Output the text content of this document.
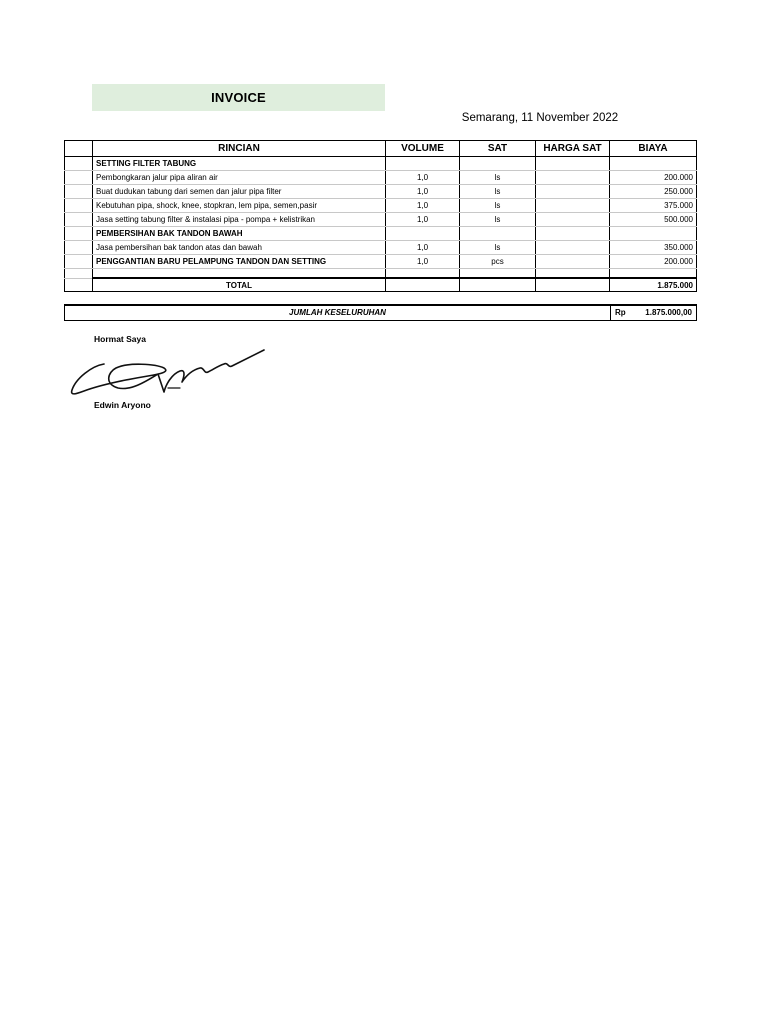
INVOICE
Semarang, 11 November 2022
	RINCIAN	VOLUME	SAT	HARGA SAT	BIAYA
	SETTING FILTER TABUNG				
	Pembongkaran jalur pipa aliran air	1,0	ls		200.000
	Buat dudukan tabung dari semen dan jalur pipa filter	1,0	ls		250.000
	Kebutuhan pipa, shock, knee, stopkran, lem pipa, semen,pasir	1,0	ls		375.000
	Jasa setting tabung filter & instalasi pipa - pompa + kelistrikan	1,0	ls		500.000
	PEMBERSIHAN BAK TANDON BAWAH				
	Jasa pembersihan bak tandon atas dan bawah	1,0	ls		350.000
	PENGGANTIAN BARU PELAMPUNG TANDON DAN SETTING	1,0	pcs		200.000

	TOTAL				1.875.000
JUMLAH KESELURUHAN	Rp	1.875.000,00
Hormat Saya
Edwin Aryono
